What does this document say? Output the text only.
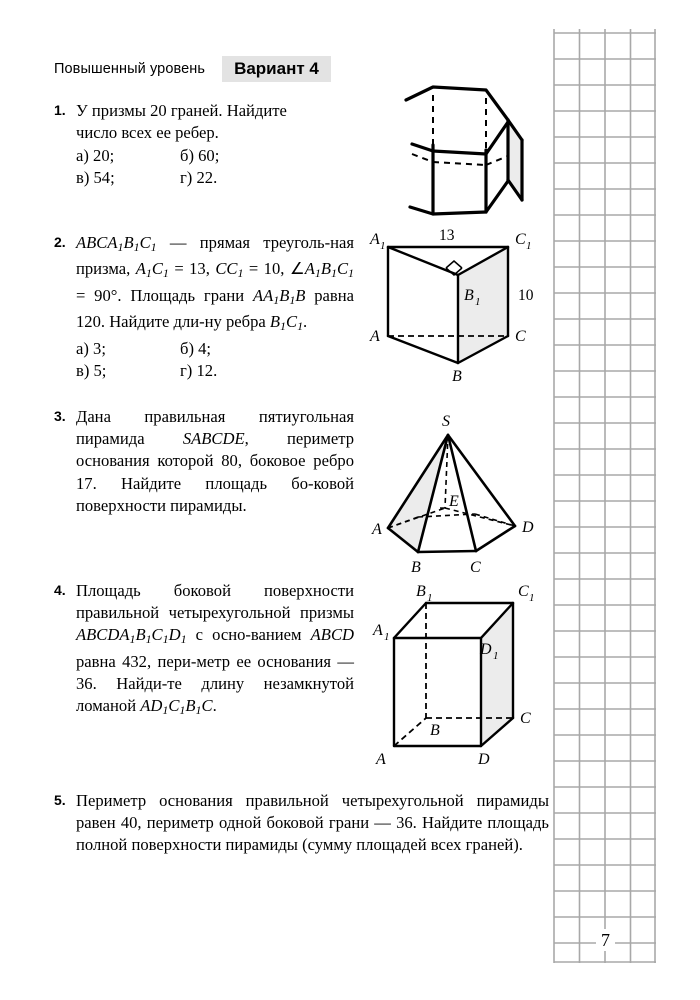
Повышенный уровень	Вариант 4
1. У призмы 20 граней. Найдите
число всех ее ребер.
а) 20;	б) 60;
в) 54;	г) 22.
2. $ABCA_1B_1C_1$ — прямая треуголь‑ная призма, $A_1C_1 = 13$, $CC_1 = 10$, $\angle A_1B_1C_1 = 90^\circ$. Площадь грани $AA_1B_1B$ равна 120. Найдите дли‑ну ребра $B_1C_1$.
а) 3;	б) 4;
в) 5;	г) 12.
A 1	C 1
B 1
A	C
B
13
10
3. Дана правильная пятиугольная пирамида SABCDE, периметр основания которой 80, боковое ребро 17. Найдите площадь бо‑ковой поверхности пирамиды.
S
A
B	C
D
E
4. Площадь боковой поверхности правильной четырехугольной призмы $ABCDA_1B_1C_1D_1$ с осно‑ванием ABCD равна 432, пери‑метр ее основания — 36. Найди‑те длину незамкнутой ломаной $AD_1C_1B_1C$.
B 1	C 1
A 1
D 1
B
C
A	D
5. Периметр основания правильной четырехугольной пирамиды равен 40, периметр одной боковой грани — 36. Найдите площадь полной поверхности пирамиды (сумму площадей всех граней).
7
